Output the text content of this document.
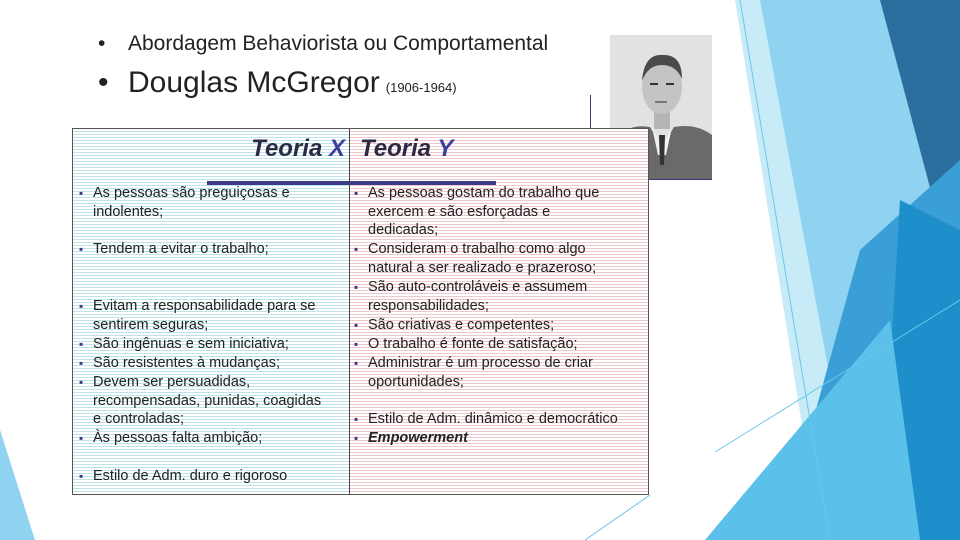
•	Abordagem Behaviorista ou Comportamental
• Douglas McGregor (1906-1964)
Teoria X
▪ As pessoas são preguiçosas e
indolentes;
▪ Tendem a evitar o trabalho;
▪ Evitam a responsabilidade para se
sentirem seguras;
▪ São ingênuas e sem iniciativa;
▪ São resistentes à mudanças;
▪ Devem ser persuadidas,
recompensadas, punidas, coagidas
e controladas;
▪ Às pessoas falta ambição;
▪ Estilo de Adm. duro e rigoroso
Teoria Y
▪ As pessoas gostam do trabalho que
exercem e são esforçadas e
dedicadas;
▪ Consideram o trabalho como algo
natural a ser realizado e prazeroso;
▪ São auto-controláveis e assumem
responsabilidades;
▪ São criativas e competentes;
▪ O trabalho é fonte de satisfação;
▪ Administrar é um processo de criar
oportunidades;
▪ Estilo de Adm. dinâmico e democrático
▪ Empowerment
